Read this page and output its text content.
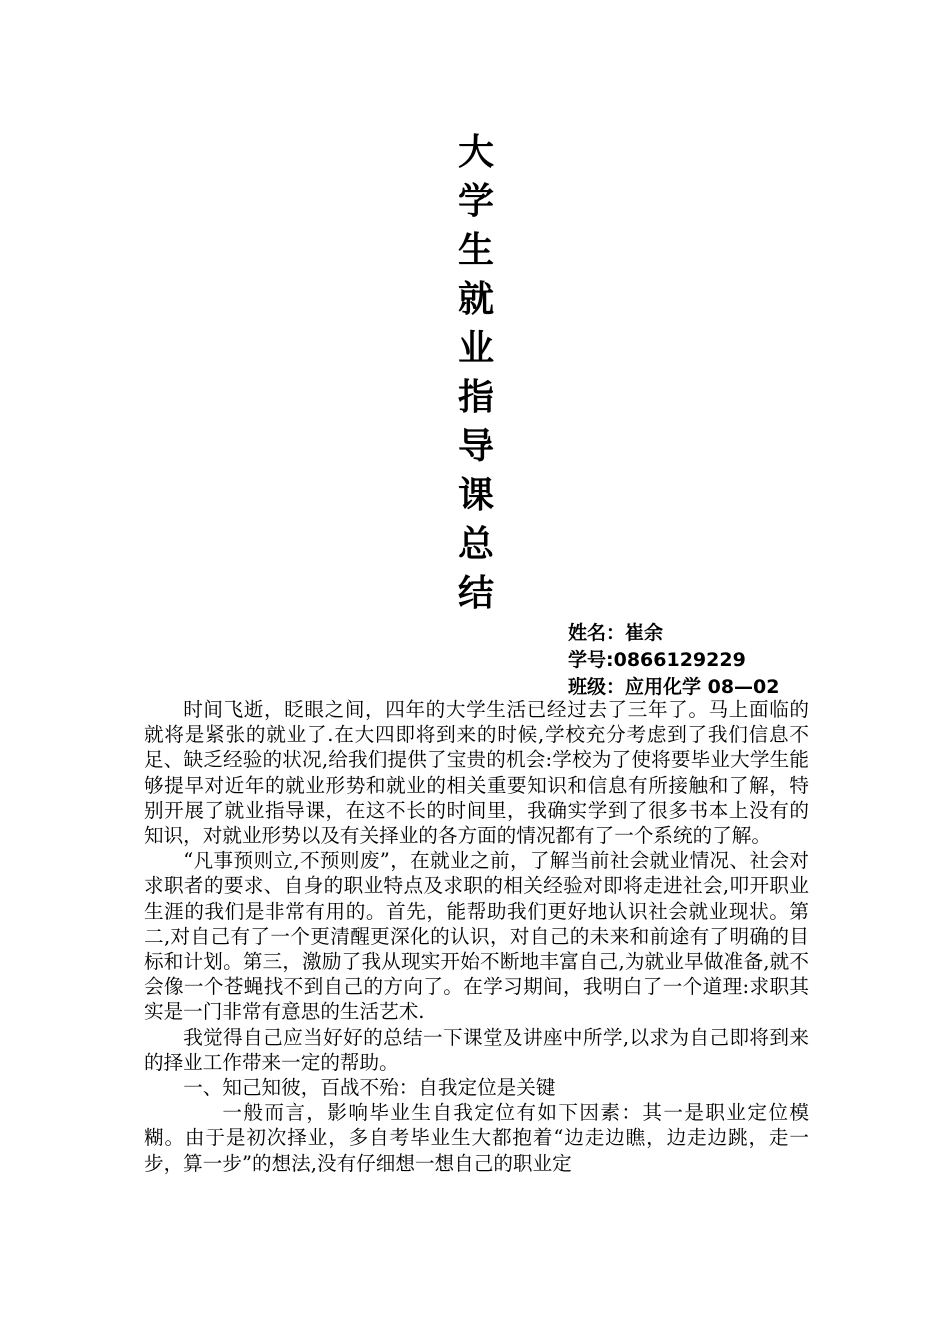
大
学
生
就
业
指
导
课
总
结
姓名：崔余
学号:0866129229
班级：应用化学 08—02

时间飞逝，眨眼之间，四年的大学生活已经过去了三年了。马上面临的就将是紧张的就业了.在大四即将到来的时候,学校充分考虑到了我们信息不足、缺乏经验的状况,给我们提供了宝贵的机会:学校为了使将要毕业大学生能够提早对近年的就业形势和就业的相关重要知识和信息有所接触和了解，特别开展了就业指导课，在这不长的时间里，我确实学到了很多书本上没有的知识，对就业形势以及有关择业的各方面的情况都有了一个系统的了解。

“凡事预则立,不预则废”，在就业之前，了解当前社会就业情况、社会对求职者的要求、自身的职业特点及求职的相关经验对即将走进社会,叩开职业生涯的我们是非常有用的。首先，能帮助我们更好地认识社会就业现状。第二,对自己有了一个更清醒更深化的认识，对自己的未来和前途有了明确的目标和计划。第三，激励了我从现实开始不断地丰富自己,为就业早做准备,就不会像一个苍蝇找不到自己的方向了。在学习期间，我明白了一个道理:求职其实是一门非常有意思的生活艺术.

我觉得自己应当好好的总结一下课堂及讲座中所学,以求为自己即将到来的择业工作带来一定的帮助。

一、知己知彼，百战不殆：自我定位是关键

一般而言，影响毕业生自我定位有如下因素：其一是职业定位模糊。由于是初次择业，多自考毕业生大都抱着“边走边瞧，边走边跳，走一步，算一步”的想法,没有仔细想一想自己的职业定
